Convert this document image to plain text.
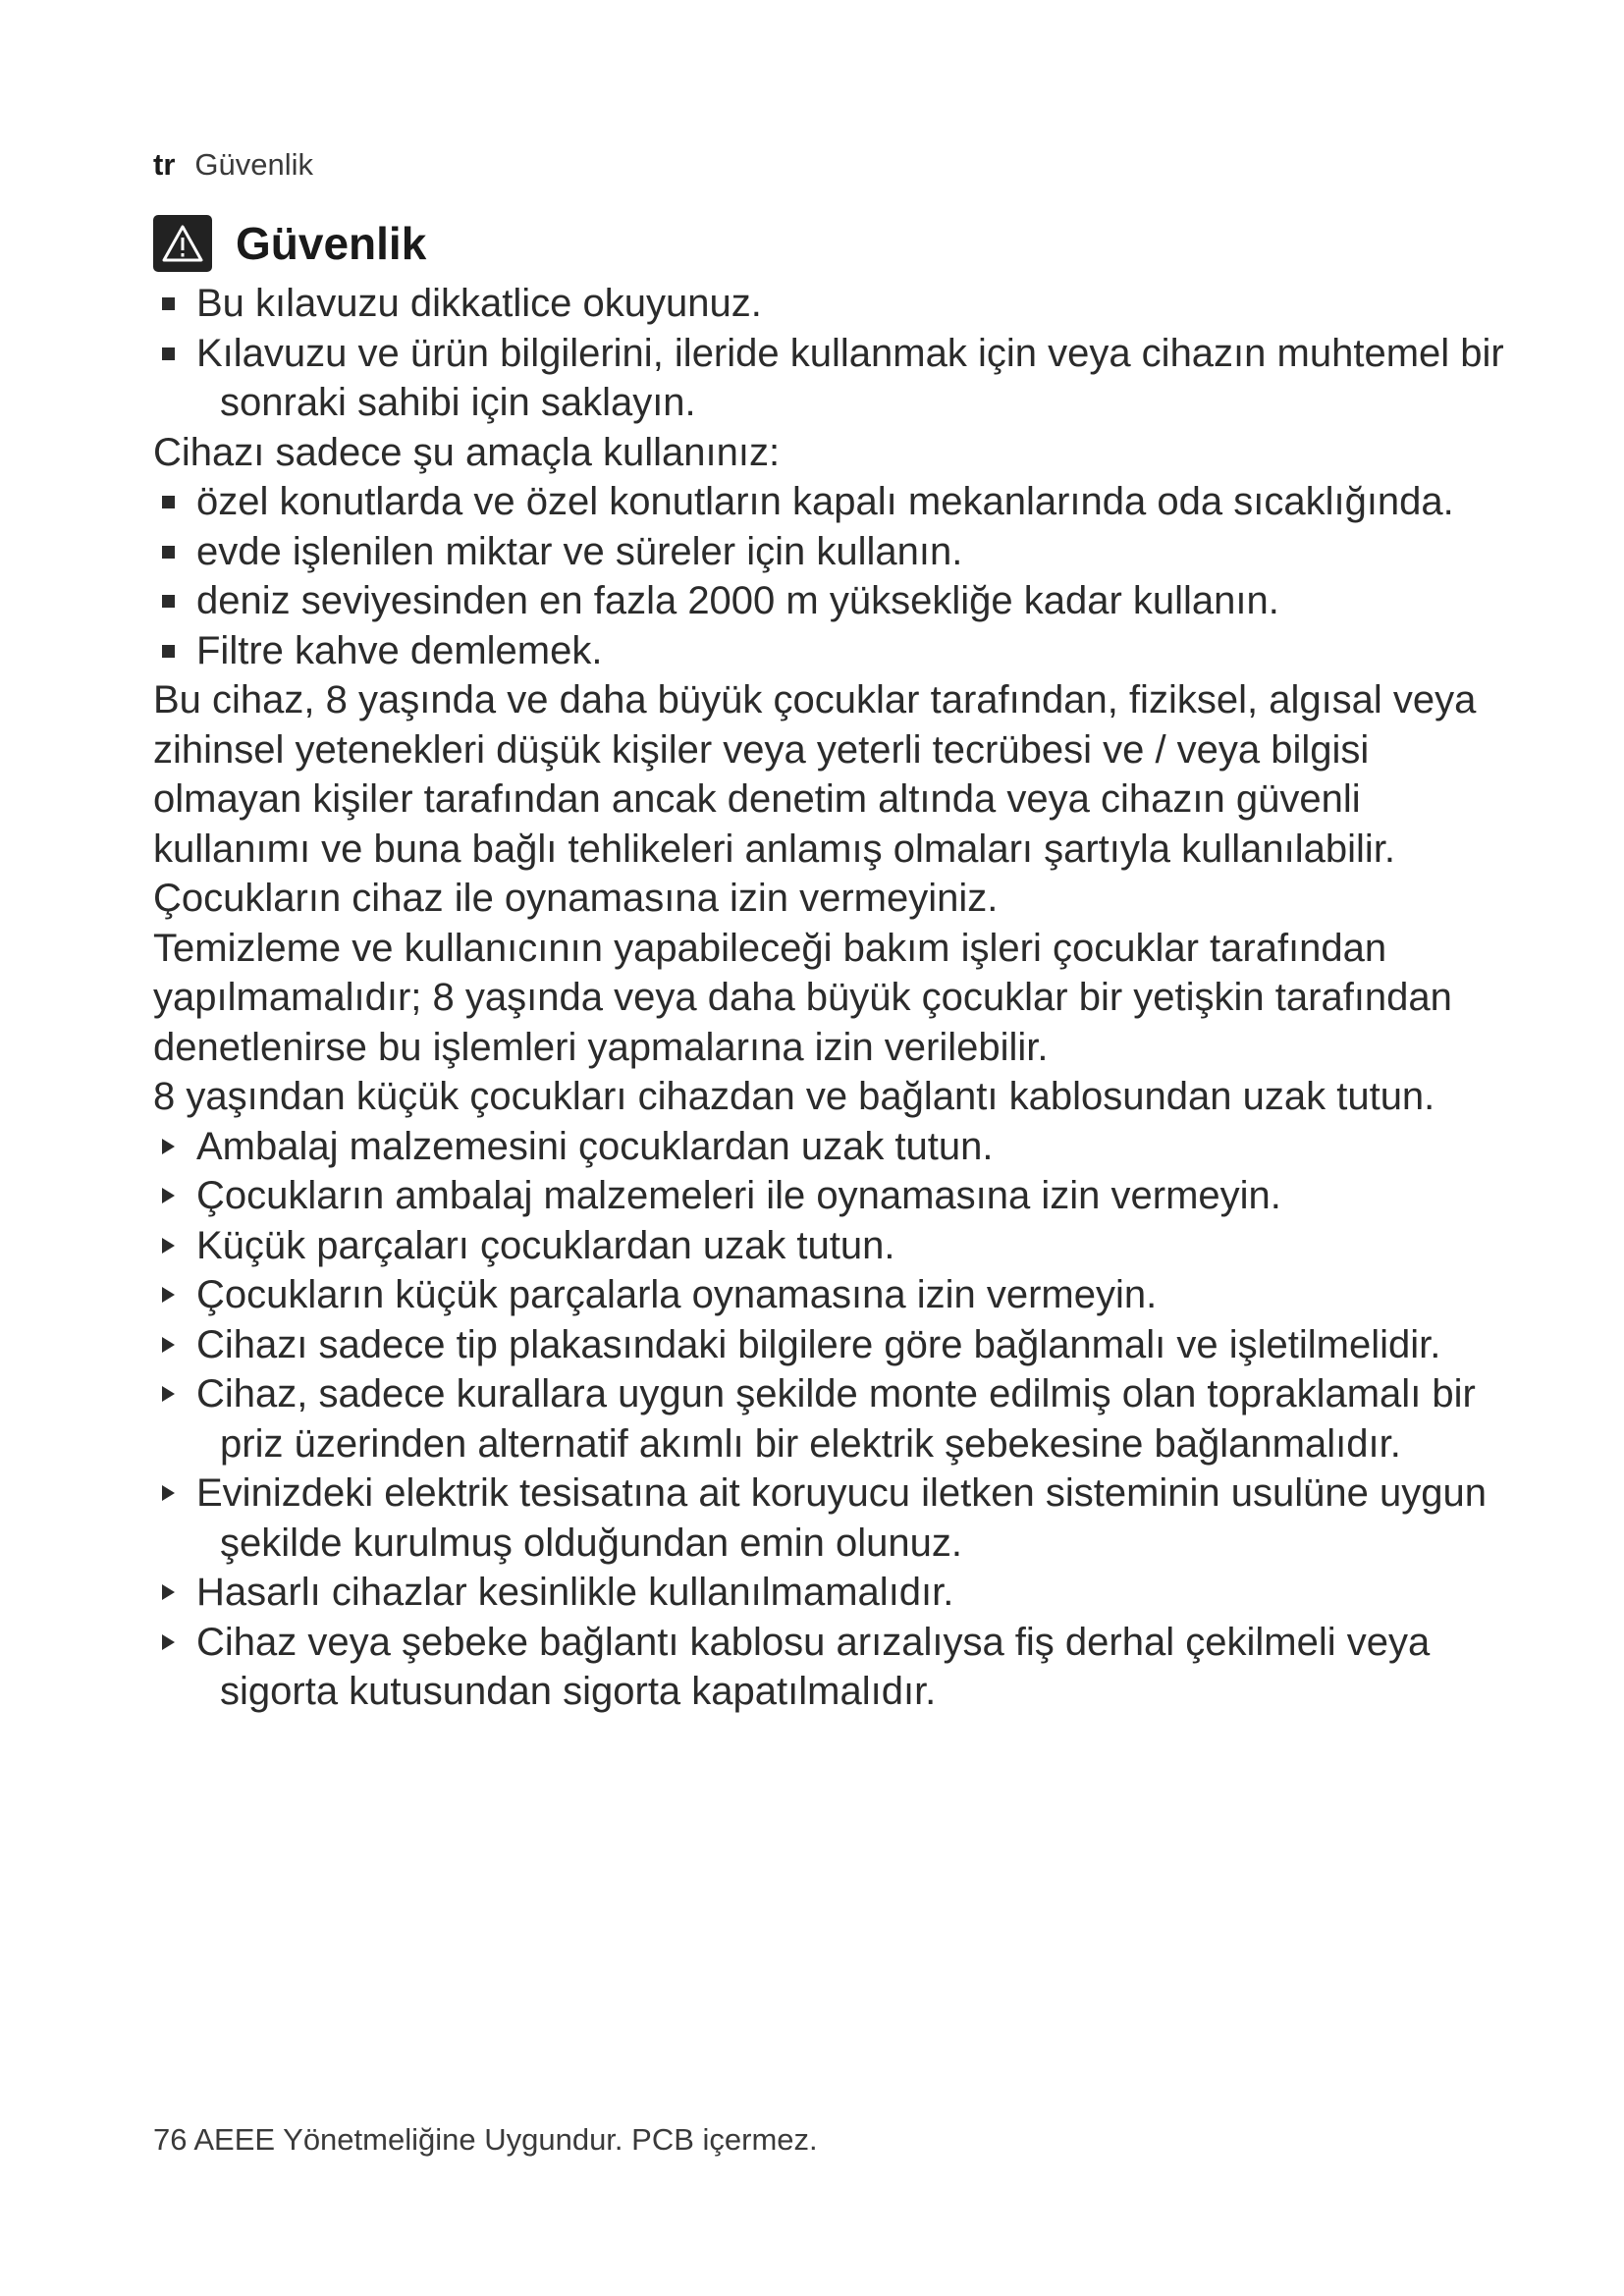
tr Güvenlik
Güvenlik
Bu kılavuzu dikkatlice okuyunuz.
Kılavuzu ve ürün bilgilerini, ileride kullanmak için veya cihazın muhtemel bir sonraki sahibi için saklayın.

Cihazı sadece şu amaçla kullanınız:

özel konutlarda ve özel konutların kapalı mekanlarında oda sıcaklığında.
evde işlenilen miktar ve süreler için kullanın.
deniz seviyesinden en fazla 2000 m yüksekliğe kadar kullanın.
Filtre kahve demlemek.

Bu cihaz, 8 yaşında ve daha büyük çocuklar tarafından, fiziksel, algısal veya zihinsel yetenekleri düşük kişiler veya yeterli tecrübesi ve / veya bilgisi olmayan kişiler tarafından ancak denetim altında veya cihazın güvenli kullanımı ve buna bağlı tehlikeleri anlamış olmaları şartıyla kullanılabilir.

Çocukların cihaz ile oynamasına izin vermeyiniz.

Temizleme ve kullanıcının yapabileceği bakım işleri çocuklar tarafından yapılmamalıdır; 8 yaşında veya daha büyük çocuklar bir yetişkin tarafından denetlenirse bu işlemleri yapmalarına izin verilebilir.

8 yaşından küçük çocukları cihazdan ve bağlantı kablosundan uzak tutun.

Ambalaj malzemesini çocuklardan uzak tutun.
Çocukların ambalaj malzemeleri ile oynamasına izin vermeyin.
Küçük parçaları çocuklardan uzak tutun.
Çocukların küçük parçalarla oynamasına izin vermeyin.
Cihazı sadece tip plakasındaki bilgilere göre bağlanmalı ve işletilmelidir.
Cihaz, sadece kurallara uygun şekilde monte edilmiş olan topraklamalı bir priz üzerinden alternatif akımlı bir elektrik şebekesine bağlanmalıdır.
Evinizdeki elektrik tesisatına ait koruyucu iletken sisteminin usulüne uygun şekilde kurulmuş olduğundan emin olunuz.
Hasarlı cihazlar kesinlikle kullanılmamalıdır.
Cihaz veya şebeke bağlantı kablosu arızalıysa fiş derhal çekilmeli veya sigorta kutusundan sigorta kapatılmalıdır.
76 AEEE Yönetmeliğine Uygundur. PCB içermez.
